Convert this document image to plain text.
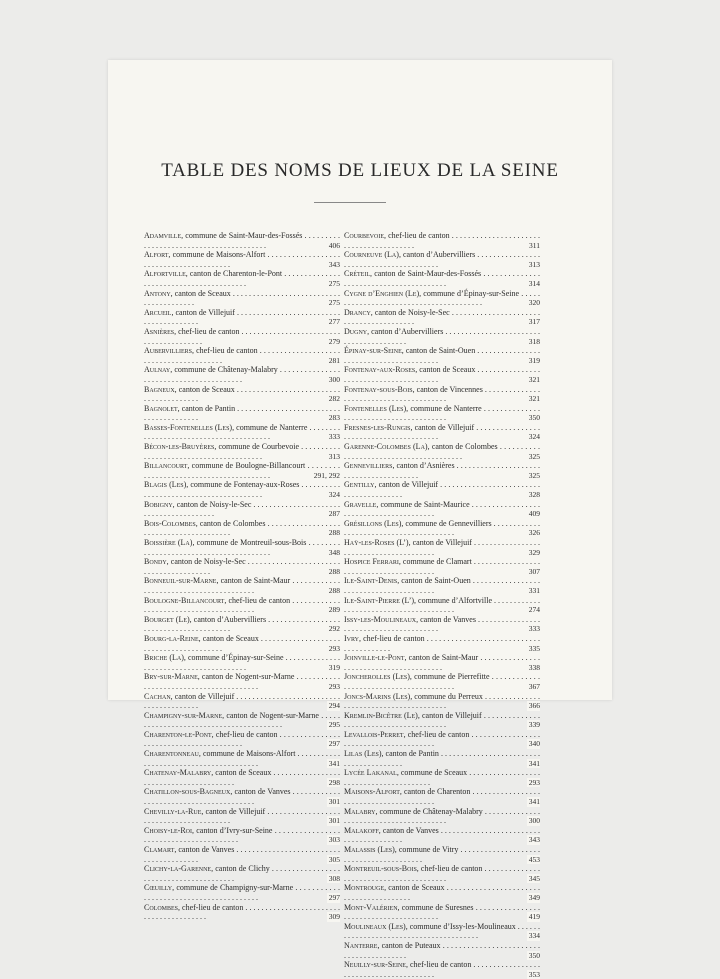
TABLE DES NOMS DE LIEUX DE LA SEINE
Adamville, commune de Saint-Maur-des-Fossés . . . . . . . . . . . . . . . . . . . . . . . . . . . . . . . . . . . . . . . .	406
Alfort, commune de Maisons-Alfort . . . . . . . . . . . . . . . . . . . . . . . . . . . . . . . . . . . . . . . .	343
Alfortville, canton de Charenton-le-Pont . . . . . . . . . . . . . . . . . . . . . . . . . . . . . . . . . . . . . . . .	275
Antony, canton de Sceaux . . . . . . . . . . . . . . . . . . . . . . . . . . . . . . . . . . . . . . . .	275
Arcueil, canton de Villejuif . . . . . . . . . . . . . . . . . . . . . . . . . . . . . . . . . . . . . . . .	277
Asnières, chef-lieu de canton . . . . . . . . . . . . . . . . . . . . . . . . . . . . . . . . . . . . . . . .	279
Aubervilliers, chef-lieu de canton . . . . . . . . . . . . . . . . . . . . . . . . . . . . . . . . . . . . . . . .	281
Aulnay, commune de Châtenay-Malabry . . . . . . . . . . . . . . . . . . . . . . . . . . . . . . . . . . . . . . . .	300
Bagneux, canton de Sceaux . . . . . . . . . . . . . . . . . . . . . . . . . . . . . . . . . . . . . . . .	282
Bagnolet, canton de Pantin . . . . . . . . . . . . . . . . . . . . . . . . . . . . . . . . . . . . . . . .	283
Basses-Fontenelles (Les), commune de Nanterre . . . . . . . . . . . . . . . . . . . . . . . . . . . . . . . . . . . . . . . .	333
Bécon-les-Bruyères, commune de Courbevoie . . . . . . . . . . . . . . . . . . . . . . . . . . . . . . . . . . . . . . . .	313
Billancourt, commune de Boulogne-Billancourt . . . . . . . . . . . . . . . . . . . . . . . . . . . . . . . . . . . . . . . .	291, 292
Blagis (Les), commune de Fontenay-aux-Roses . . . . . . . . . . . . . . . . . . . . . . . . . . . . . . . . . . . . . . . .	324
Bobigny, canton de Noisy-le-Sec . . . . . . . . . . . . . . . . . . . . . . . . . . . . . . . . . . . . . . . .	287
Bois-Colombes, canton de Colombes . . . . . . . . . . . . . . . . . . . . . . . . . . . . . . . . . . . . . . . .	288
Boissière (La), commune de Montreuil-sous-Bois . . . . . . . . . . . . . . . . . . . . . . . . . . . . . . . . . . . . . . . .	348
Bondy, canton de Noisy-le-Sec . . . . . . . . . . . . . . . . . . . . . . . . . . . . . . . . . . . . . . . .	288
Bonneuil-sur-Marne, canton de Saint-Maur . . . . . . . . . . . . . . . . . . . . . . . . . . . . . . . . . . . . . . . .	288
Boulogne-Billancourt, chef-lieu de canton . . . . . . . . . . . . . . . . . . . . . . . . . . . . . . . . . . . . . . . .	289
Bourget (Le), canton d’Aubervilliers . . . . . . . . . . . . . . . . . . . . . . . . . . . . . . . . . . . . . . . .	292
Bourg-la-Reine, canton de Sceaux . . . . . . . . . . . . . . . . . . . . . . . . . . . . . . . . . . . . . . . .	293
Briche (La), commune d’Épinay-sur-Seine . . . . . . . . . . . . . . . . . . . . . . . . . . . . . . . . . . . . . . . .	319
Bry-sur-Marne, canton de Nogent-sur-Marne . . . . . . . . . . . . . . . . . . . . . . . . . . . . . . . . . . . . . . . .	293
Cachan, canton de Villejuif . . . . . . . . . . . . . . . . . . . . . . . . . . . . . . . . . . . . . . . .	294
Champigny-sur-Marne, canton de Nogent-sur-Marne . . . . . . . . . . . . . . . . . . . . . . . . . . . . . . . . . . . . . . . .	295
Charenton-le-Pont, chef-lieu de canton . . . . . . . . . . . . . . . . . . . . . . . . . . . . . . . . . . . . . . . .	297
Charentonneau, commune de Maisons-Alfort . . . . . . . . . . . . . . . . . . . . . . . . . . . . . . . . . . . . . . . .	341
Chatenay-Malabry, canton de Sceaux . . . . . . . . . . . . . . . . . . . . . . . . . . . . . . . . . . . . . . . .	298
Chatillon-sous-Bagneux, canton de Vanves . . . . . . . . . . . . . . . . . . . . . . . . . . . . . . . . . . . . . . . .	301
Chevilly-la-Rue, canton de Villejuif . . . . . . . . . . . . . . . . . . . . . . . . . . . . . . . . . . . . . . . .	301
Choisy-le-Roi, canton d’Ivry-sur-Seine . . . . . . . . . . . . . . . . . . . . . . . . . . . . . . . . . . . . . . . .	303
Clamart, canton de Vanves . . . . . . . . . . . . . . . . . . . . . . . . . . . . . . . . . . . . . . . .	305
Clichy-la-Garenne, canton de Clichy . . . . . . . . . . . . . . . . . . . . . . . . . . . . . . . . . . . . . . . .	308
Cœuilly, commune de Champigny-sur-Marne . . . . . . . . . . . . . . . . . . . . . . . . . . . . . . . . . . . . . . . .	297
Colombes, chef-lieu de canton . . . . . . . . . . . . . . . . . . . . . . . . . . . . . . . . . . . . . . . .	309
Courbevoie, chef-lieu de canton . . . . . . . . . . . . . . . . . . . . . . . . . . . . . . . . . . . . . . . .	311
Courneuve (La), canton d’Aubervilliers . . . . . . . . . . . . . . . . . . . . . . . . . . . . . . . . . . . . . . . .	313
Créteil, canton de Saint-Maur-des-Fossés . . . . . . . . . . . . . . . . . . . . . . . . . . . . . . . . . . . . . . . .	314
Cygne d’Enghien (Le), commune d’Épinay-sur-Seine . . . . . . . . . . . . . . . . . . . . . . . . . . . . . . . . . . . . . . . .	320
Drancy, canton de Noisy-le-Sec . . . . . . . . . . . . . . . . . . . . . . . . . . . . . . . . . . . . . . . .	317
Dugny, canton d’Aubervilliers . . . . . . . . . . . . . . . . . . . . . . . . . . . . . . . . . . . . . . . .	318
Épinay-sur-Seine, canton de Saint-Ouen . . . . . . . . . . . . . . . . . . . . . . . . . . . . . . . . . . . . . . . .	319
Fontenay-aux-Roses, canton de Sceaux . . . . . . . . . . . . . . . . . . . . . . . . . . . . . . . . . . . . . . . .	321
Fontenay-sous-Bois, canton de Vincennes . . . . . . . . . . . . . . . . . . . . . . . . . . . . . . . . . . . . . . . .	321
Fontenelles (Les), commune de Nanterre . . . . . . . . . . . . . . . . . . . . . . . . . . . . . . . . . . . . . . . .	350
Fresnes-les-Rungis, canton de Villejuif . . . . . . . . . . . . . . . . . . . . . . . . . . . . . . . . . . . . . . . .	324
Garenne-Colombes (La), canton de Colombes . . . . . . . . . . . . . . . . . . . . . . . . . . . . . . . . . . . . . . . .	325
Gennevilliers, canton d’Asnières . . . . . . . . . . . . . . . . . . . . . . . . . . . . . . . . . . . . . . . .	325
Gentilly, canton de Villejuif . . . . . . . . . . . . . . . . . . . . . . . . . . . . . . . . . . . . . . . .	328
Gravelle, commune de Saint-Maurice . . . . . . . . . . . . . . . . . . . . . . . . . . . . . . . . . . . . . . . .	409
Grésillons (Les), commune de Gennevilliers . . . . . . . . . . . . . . . . . . . . . . . . . . . . . . . . . . . . . . . .	326
Haÿ-les-Roses (L’), canton de Villejuif . . . . . . . . . . . . . . . . . . . . . . . . . . . . . . . . . . . . . . . .	329
Hospice Ferrari, commune de Clamart . . . . . . . . . . . . . . . . . . . . . . . . . . . . . . . . . . . . . . . .	307
Ile-Saint-Denis, canton de Saint-Ouen . . . . . . . . . . . . . . . . . . . . . . . . . . . . . . . . . . . . . . . .	331
Ile-Saint-Pierre (L’), commune d’Alfortville . . . . . . . . . . . . . . . . . . . . . . . . . . . . . . . . . . . . . . . .	274
Issy-les-Moulineaux, canton de Vanves . . . . . . . . . . . . . . . . . . . . . . . . . . . . . . . . . . . . . . . .	333
Ivry, chef-lieu de canton . . . . . . . . . . . . . . . . . . . . . . . . . . . . . . . . . . . . . . . .	335
Joinville-le-Pont, canton de Saint-Maur . . . . . . . . . . . . . . . . . . . . . . . . . . . . . . . . . . . . . . . .	338
Joncherolles (Les), commune de Pierrefitte . . . . . . . . . . . . . . . . . . . . . . . . . . . . . . . . . . . . . . . .	367
Joncs-Marins (Les), commune du Perreux . . . . . . . . . . . . . . . . . . . . . . . . . . . . . . . . . . . . . . . .	366
Kremlin-Bicêtre (Le), canton de Villejuif . . . . . . . . . . . . . . . . . . . . . . . . . . . . . . . . . . . . . . . .	339
Levallois-Perret, chef-lieu de canton . . . . . . . . . . . . . . . . . . . . . . . . . . . . . . . . . . . . . . . .	340
Lilas (Les), canton de Pantin . . . . . . . . . . . . . . . . . . . . . . . . . . . . . . . . . . . . . . . .	341
Lycée Lakanal, commune de Sceaux . . . . . . . . . . . . . . . . . . . . . . . . . . . . . . . . . . . . . . . .	293
Maisons-Alfort, canton de Charenton . . . . . . . . . . . . . . . . . . . . . . . . . . . . . . . . . . . . . . . .	341
Malabry, commune de Châtenay-Malabry . . . . . . . . . . . . . . . . . . . . . . . . . . . . . . . . . . . . . . . .	300
Malakoff, canton de Vanves . . . . . . . . . . . . . . . . . . . . . . . . . . . . . . . . . . . . . . . .	343
Malassis (Les), commune de Vitry . . . . . . . . . . . . . . . . . . . . . . . . . . . . . . . . . . . . . . . .	453
Montreuil-sous-Bois, chef-lieu de canton . . . . . . . . . . . . . . . . . . . . . . . . . . . . . . . . . . . . . . . .	345
Montrouge, canton de Sceaux . . . . . . . . . . . . . . . . . . . . . . . . . . . . . . . . . . . . . . . .	349
Mont-Valérien, commune de Suresnes . . . . . . . . . . . . . . . . . . . . . . . . . . . . . . . . . . . . . . . .	419
Moulineaux (Les), commune d’Issy-les-Moulineaux . . . . . . . . . . . . . . . . . . . . . . . . . . . . . . . . . . . . . . . .	334
Nanterre, canton de Puteaux . . . . . . . . . . . . . . . . . . . . . . . . . . . . . . . . . . . . . . . .	350
Neuilly-sur-Seine, chef-lieu de canton . . . . . . . . . . . . . . . . . . . . . . . . . . . . . . . . . . . . . . . .	353
